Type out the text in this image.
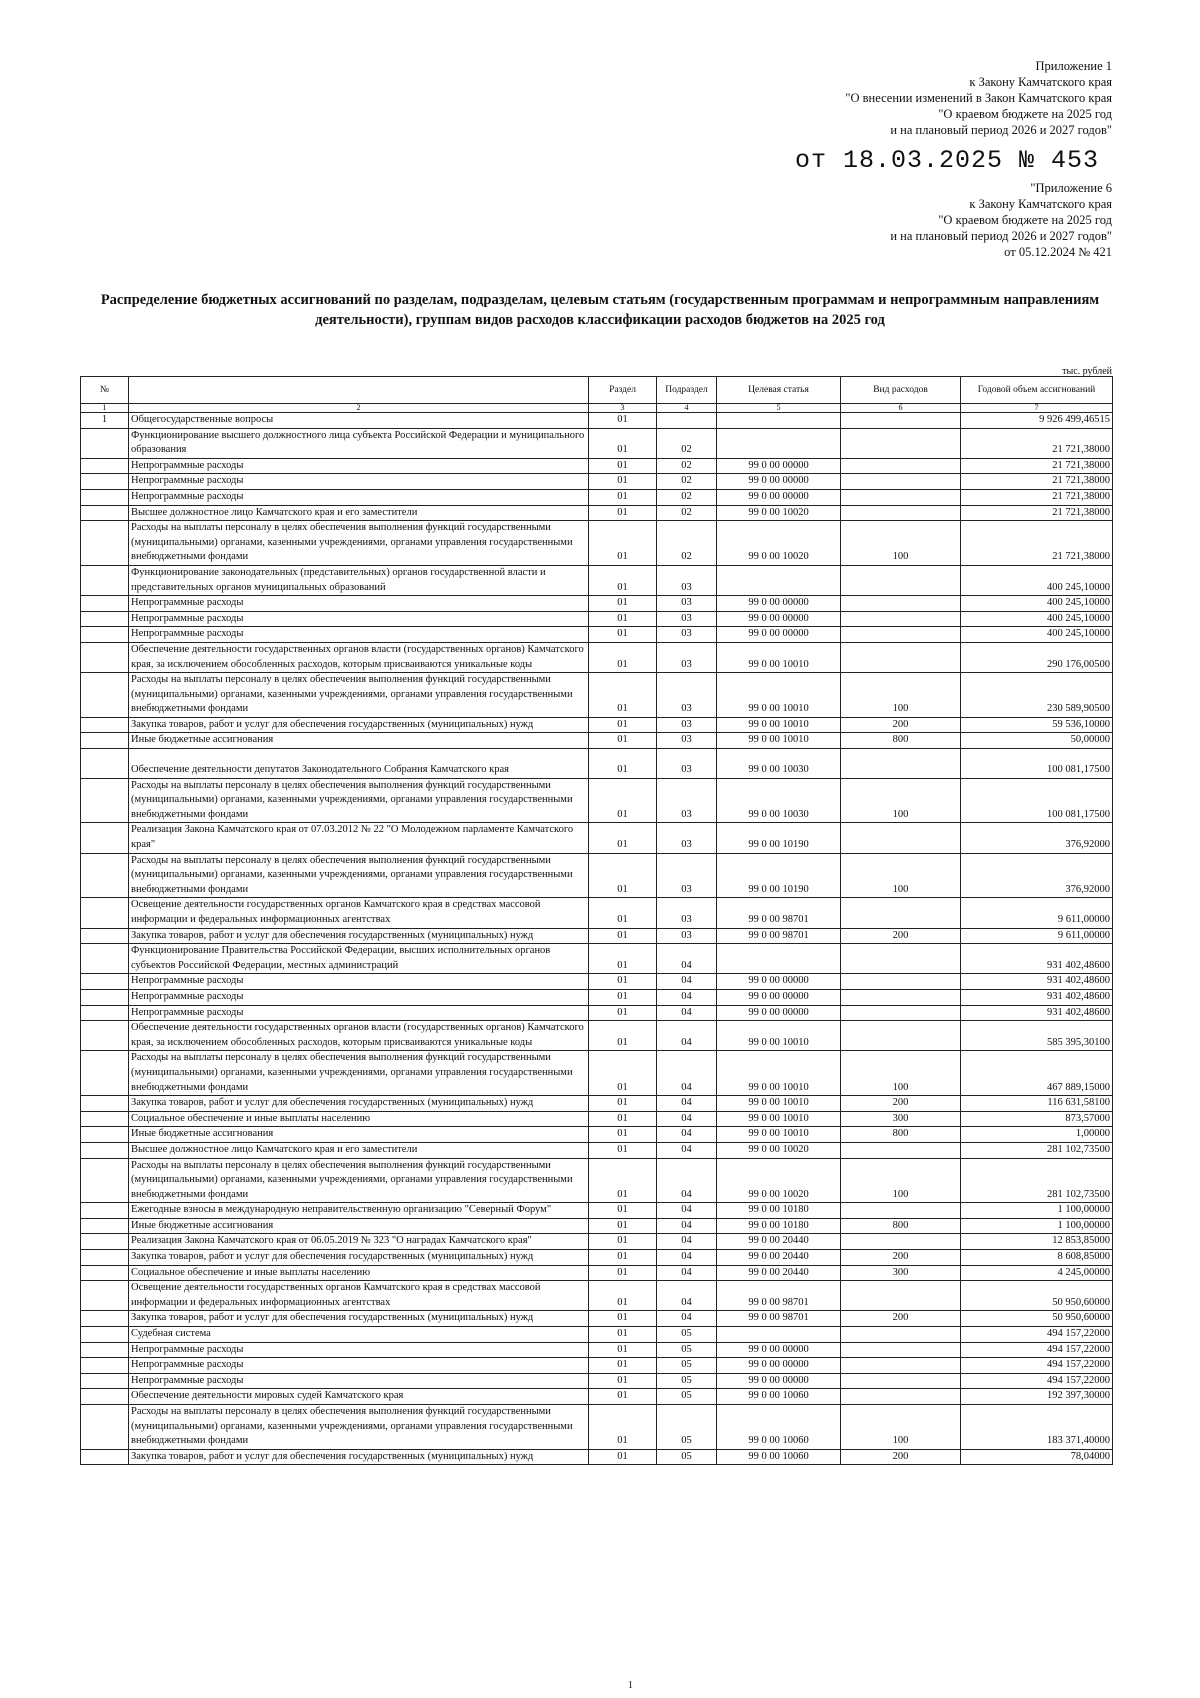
Приложение 1
к Закону Камчатского края
"О внесении изменений в Закон Камчатского края
"О краевом бюджете на 2025 год
и на плановый период 2026 и 2027 годов"
от 18.03.2025 № 453
"Приложение 6
к Закону Камчатского края
"О краевом бюджете на 2025 год
и на плановый период 2026 и 2027 годов"
от 05.12.2024 № 421
Распределение бюджетных ассигнований по разделам, подразделам, целевым статьям (государственным программам и непрограммным направлениям деятельности), группам видов расходов классификации расходов бюджетов на 2025 год
тыс. рублей
№		Раздел	Подраздел	Целевая статья	Вид расходов	Годовой объем ассигнований
1	2	3	4	5	6	7
1	Общегосударственные вопросы	01				9 926 499,46515
	Функционирование высшего должностного лица субъекта Российской Федерации и муниципального образования	01	02			21 721,38000
	Непрограммные расходы	01	02	99 0 00 00000		21 721,38000
	Непрограммные расходы	01	02	99 0 00 00000		21 721,38000
	Непрограммные расходы	01	02	99 0 00 00000		21 721,38000
	Высшее должностное лицо Камчатского края и его заместители	01	02	99 0 00 10020		21 721,38000
	Расходы на выплаты персоналу в целях обеспечения выполнения функций государственными (муниципальными) органами, казенными учреждениями, органами управления государственными внебюджетными фондами	01	02	99 0 00 10020	100	21 721,38000
	Функционирование законодательных (представительных) органов государственной власти и представительных органов муниципальных образований	01	03			400 245,10000
	Непрограммные расходы	01	03	99 0 00 00000		400 245,10000
	Непрограммные расходы	01	03	99 0 00 00000		400 245,10000
	Непрограммные расходы	01	03	99 0 00 00000		400 245,10000
	Обеспечение деятельности государственных органов власти (государственных органов) Камчатского края, за исключением обособленных расходов, которым присваиваются уникальные коды	01	03	99 0 00 10010		290 176,00500
	Расходы на выплаты персоналу в целях обеспечения выполнения функций государственными (муниципальными) органами, казенными учреждениями, органами управления государственными внебюджетными фондами	01	03	99 0 00 10010	100	230 589,90500
	Закупка товаров, работ и услуг для обеспечения государственных (муниципальных) нужд	01	03	99 0 00 10010	200	59 536,10000
	Иные бюджетные ассигнования	01	03	99 0 00 10010	800	50,00000
	Обеспечение деятельности депутатов Законодательного Собрания Камчатского края	01	03	99 0 00 10030		100 081,17500
	Расходы на выплаты персоналу в целях обеспечения выполнения функций государственными (муниципальными) органами, казенными учреждениями, органами управления государственными внебюджетными фондами	01	03	99 0 00 10030	100	100 081,17500
	Реализация Закона Камчатского края от 07.03.2012 № 22 "О Молодежном парламенте Камчатского края"	01	03	99 0 00 10190		376,92000
	Расходы на выплаты персоналу в целях обеспечения выполнения функций государственными (муниципальными) органами, казенными учреждениями, органами управления государственными внебюджетными фондами	01	03	99 0 00 10190	100	376,92000
	Освещение деятельности государственных органов Камчатского края в средствах массовой информации и федеральных информационных агентствах	01	03	99 0 00 98701		9 611,00000
	Закупка товаров, работ и услуг для обеспечения государственных (муниципальных) нужд	01	03	99 0 00 98701	200	9 611,00000
	Функционирование Правительства Российской Федерации, высших исполнительных органов субъектов Российской Федерации, местных администраций	01	04			931 402,48600
	Непрограммные расходы	01	04	99 0 00 00000		931 402,48600
	Непрограммные расходы	01	04	99 0 00 00000		931 402,48600
	Непрограммные расходы	01	04	99 0 00 00000		931 402,48600
	Обеспечение деятельности государственных органов власти (государственных органов) Камчатского края, за исключением обособленных расходов, которым присваиваются уникальные коды	01	04	99 0 00 10010		585 395,30100
	Расходы на выплаты персоналу в целях обеспечения выполнения функций государственными (муниципальными) органами, казенными учреждениями, органами управления государственными внебюджетными фондами	01	04	99 0 00 10010	100	467 889,15000
	Закупка товаров, работ и услуг для обеспечения государственных (муниципальных) нужд	01	04	99 0 00 10010	200	116 631,58100
	Социальное обеспечение и иные выплаты населению	01	04	99 0 00 10010	300	873,57000
	Иные бюджетные ассигнования	01	04	99 0 00 10010	800	1,00000
	Высшее должностное лицо Камчатского края и его заместители	01	04	99 0 00 10020		281 102,73500
	Расходы на выплаты персоналу в целях обеспечения выполнения функций государственными (муниципальными) органами, казенными учреждениями, органами управления государственными внебюджетными фондами	01	04	99 0 00 10020	100	281 102,73500
	Ежегодные взносы в международную неправительственную организацию "Северный Форум"	01	04	99 0 00 10180		1 100,00000
	Иные бюджетные ассигнования	01	04	99 0 00 10180	800	1 100,00000
	Реализация Закона Камчатского края от 06.05.2019 № 323 "О наградах Камчатского края"	01	04	99 0 00 20440		12 853,85000
	Закупка товаров, работ и услуг для обеспечения государственных (муниципальных) нужд	01	04	99 0 00 20440	200	8 608,85000
	Социальное обеспечение и иные выплаты населению	01	04	99 0 00 20440	300	4 245,00000
	Освещение деятельности государственных органов Камчатского края в средствах массовой информации и федеральных информационных агентствах	01	04	99 0 00 98701		50 950,60000
	Закупка товаров, работ и услуг для обеспечения государственных (муниципальных) нужд	01	04	99 0 00 98701	200	50 950,60000
	Судебная система	01	05			494 157,22000
	Непрограммные расходы	01	05	99 0 00 00000		494 157,22000
	Непрограммные расходы	01	05	99 0 00 00000		494 157,22000
	Непрограммные расходы	01	05	99 0 00 00000		494 157,22000
	Обеспечение деятельности мировых судей Камчатского края	01	05	99 0 00 10060		192 397,30000
	Расходы на выплаты персоналу в целях обеспечения выполнения функций государственными (муниципальными) органами, казенными учреждениями, органами управления государственными внебюджетными фондами	01	05	99 0 00 10060	100	183 371,40000
	Закупка товаров, работ и услуг для обеспечения государственных (муниципальных) нужд	01	05	99 0 00 10060	200	78,04000
1
